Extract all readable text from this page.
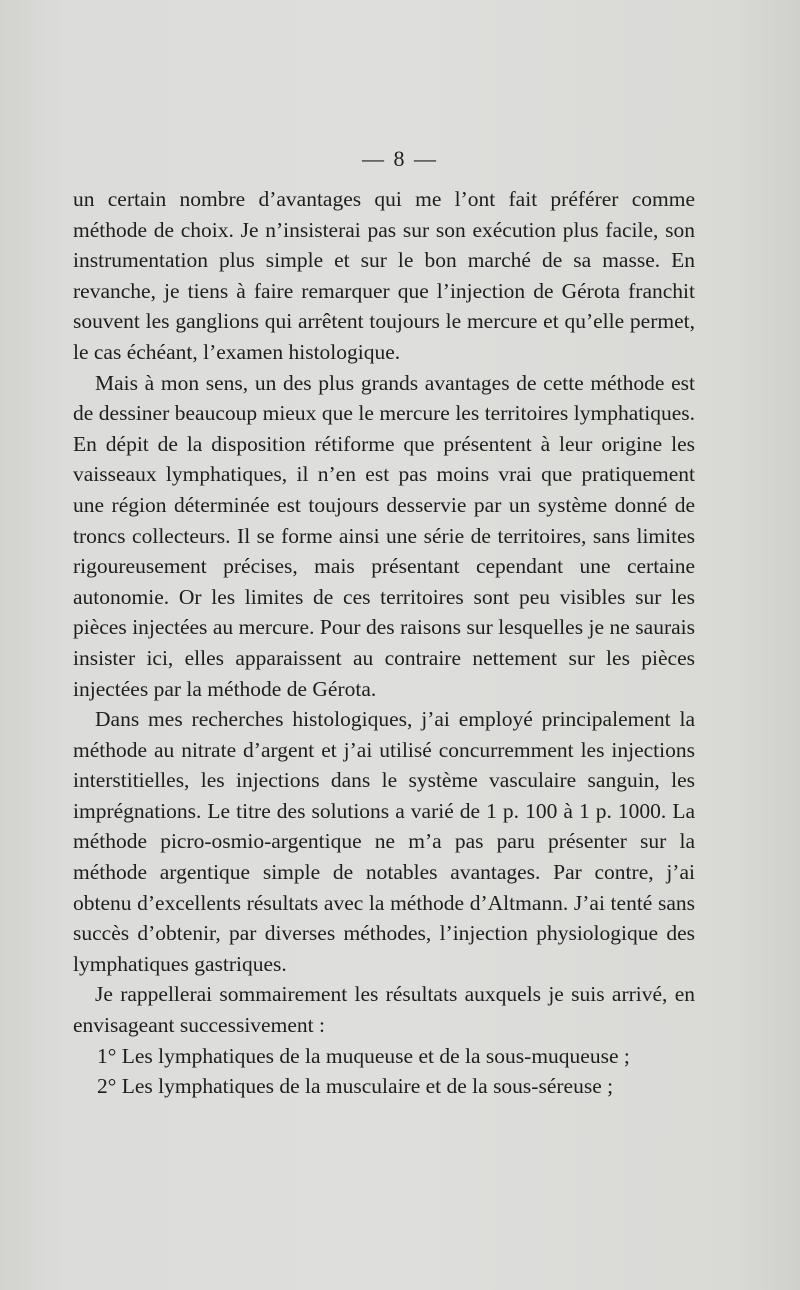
— 8 —

un certain nombre d’avantages qui me l’ont fait préférer comme méthode de choix. Je n’insisterai pas sur son exécution plus facile, son instrumentation plus simple et sur le bon marché de sa masse. En revanche, je tiens à faire remarquer que l’injection de Gérota franchit souvent les ganglions qui arrêtent toujours le mercure et qu’elle permet, le cas échéant, l’examen histologique.

Mais à mon sens, un des plus grands avantages de cette méthode est de dessiner beaucoup mieux que le mercure les territoires lymphatiques. En dépit de la disposition rétiforme que présentent à leur origine les vaisseaux lymphatiques, il n’en est pas moins vrai que pratiquement une région déterminée est toujours desservie par un système donné de troncs collecteurs. Il se forme ainsi une série de territoires, sans limites rigoureusement précises, mais présentant cependant une certaine autonomie. Or les limites de ces territoires sont peu visibles sur les pièces injectées au mercure. Pour des raisons sur lesquelles je ne saurais insister ici, elles apparaissent au contraire nettement sur les pièces injectées par la méthode de Gérota.

Dans mes recherches histologiques, j’ai employé principalement la méthode au nitrate d’argent et j’ai utilisé concurremment les injections interstitielles, les injections dans le système vasculaire sanguin, les imprégnations. Le titre des solutions a varié de 1 p. 100 à 1 p. 1000. La méthode picro-osmio-argentique ne m’a pas paru présenter sur la méthode argentique simple de notables avantages. Par contre, j’ai obtenu d’excellents résultats avec la méthode d’Altmann. J’ai tenté sans succès d’obtenir, par diverses méthodes, l’injection physiologique des lymphatiques gastriques.

Je rappellerai sommairement les résultats auxquels je suis arrivé, en envisageant successivement :

1° Les lymphatiques de la muqueuse et de la sous-muqueuse ;

2° Les lymphatiques de la musculaire et de la sous-séreuse ;
